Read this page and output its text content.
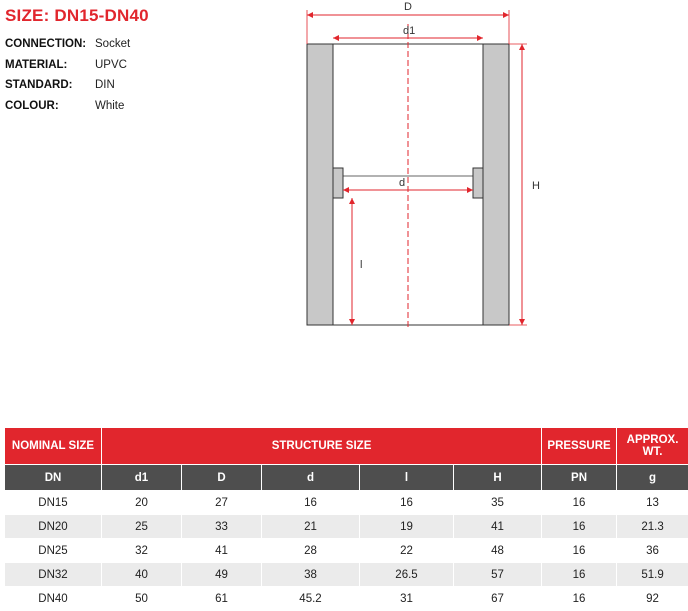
SIZE: DN15-DN40
CONNECTION: Socket
MATERIAL:	UPVC
STANDARD:	DIN
COLOUR:	White
D
d1
d
l
H
NOMINAL SIZE	STRUCTURE SIZE					PRESSURE	APPROX. WT.
DN	d1	D	d	l	H	PN	g
DN15	20	27	16	16	35	16	13
DN20	25	33	21	19	41	16	21.3
DN25	32	41	28	22	48	16	36
DN32	40	49	38	26.5	57	16	51.9
DN40	50	61	45.2	31	67	16	92
